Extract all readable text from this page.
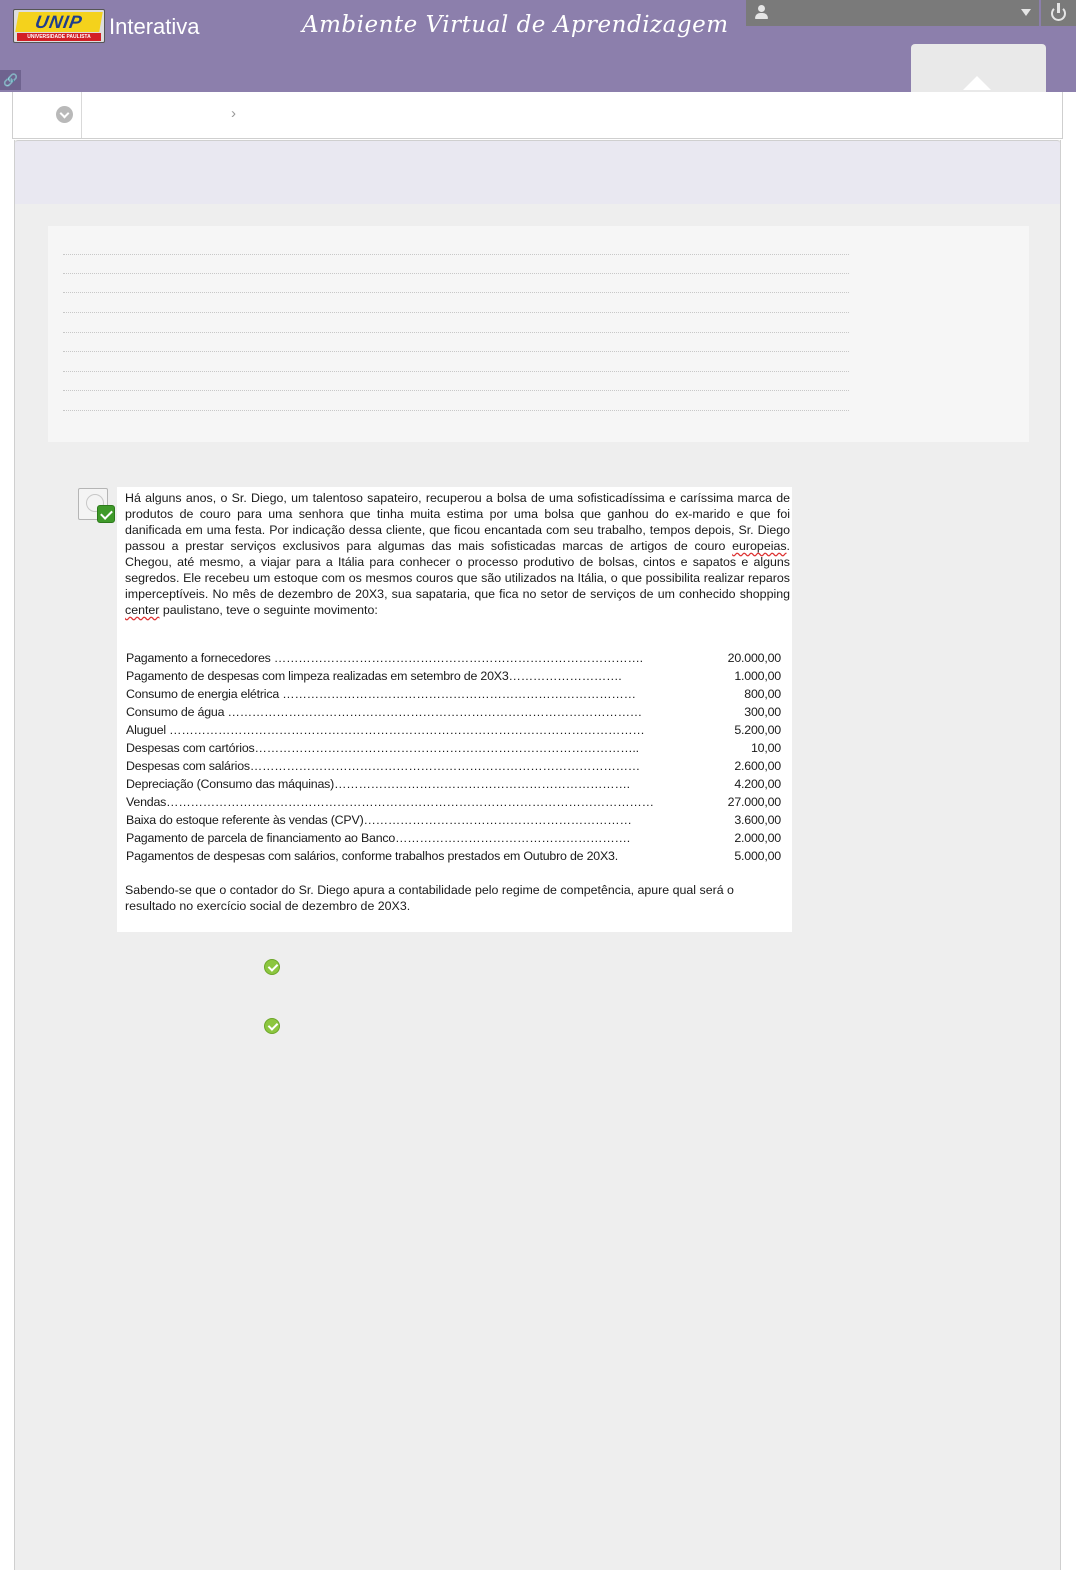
UNIP
UNIVERSIDADE PAULISTA Interativa	Ambiente Virtual de Aprendizagem
🔗
›
Há alguns anos, o Sr. Diego, um talentoso sapateiro, recuperou a bolsa de uma sofisticadíssima e caríssima marca de produtos de couro para uma senhora que tinha muita estima por uma bolsa que ganhou do ex-marido e que foi danificada em uma festa. Por indicação dessa cliente, que ficou encantada com seu trabalho, tempos depois, Sr. Diego passou a prestar serviços exclusivos para algumas das mais sofisticadas marcas de artigos de couro europeias. Chegou, até mesmo, a viajar para a Itália para conhecer o processo produtivo de bolsas, cintos e sapatos e alguns segredos. Ele recebeu um estoque com os mesmos couros que são utilizados na Itália, o que possibilita realizar reparos imperceptíveis. No mês de dezembro de 20X3, sua sapataria, que fica no setor de serviços de um conhecido shopping center paulistano, teve o seguinte movimento:
Pagamento a fornecedores ……………………………………………………………………………….	20.000,00
Pagamento de despesas com limpeza realizadas em setembro de 20X3……………………….	1.000,00
Consumo de energia elétrica ……………………………………………………………………………	800,00
Consumo de água …………………………………………………………………………………………	300,00
Aluguel ………………………………………………………………………………………………………	5.200,00
Despesas com cartórios…………………………………………………………………………………..	10,00
Despesas com salários……………………………………………………………………………………	2.600,00
Depreciação (Consumo das máquinas)……………………………………………………………….	4.200,00
Vendas…………………………………………………………………………………………………………	27.000,00
Baixa do estoque referente às vendas (CPV)…………………………………………………………	3.600,00
Pagamento de parcela de financiamento ao Banco………………………………………………….	2.000,00
Pagamentos de despesas com salários, conforme trabalhos prestados em Outubro de 20X3.	5.000,00
Sabendo-se que o contador do Sr. Diego apura a contabilidade pelo regime de competência, apure qual será o resultado no exercício social de dezembro de 20X3.
